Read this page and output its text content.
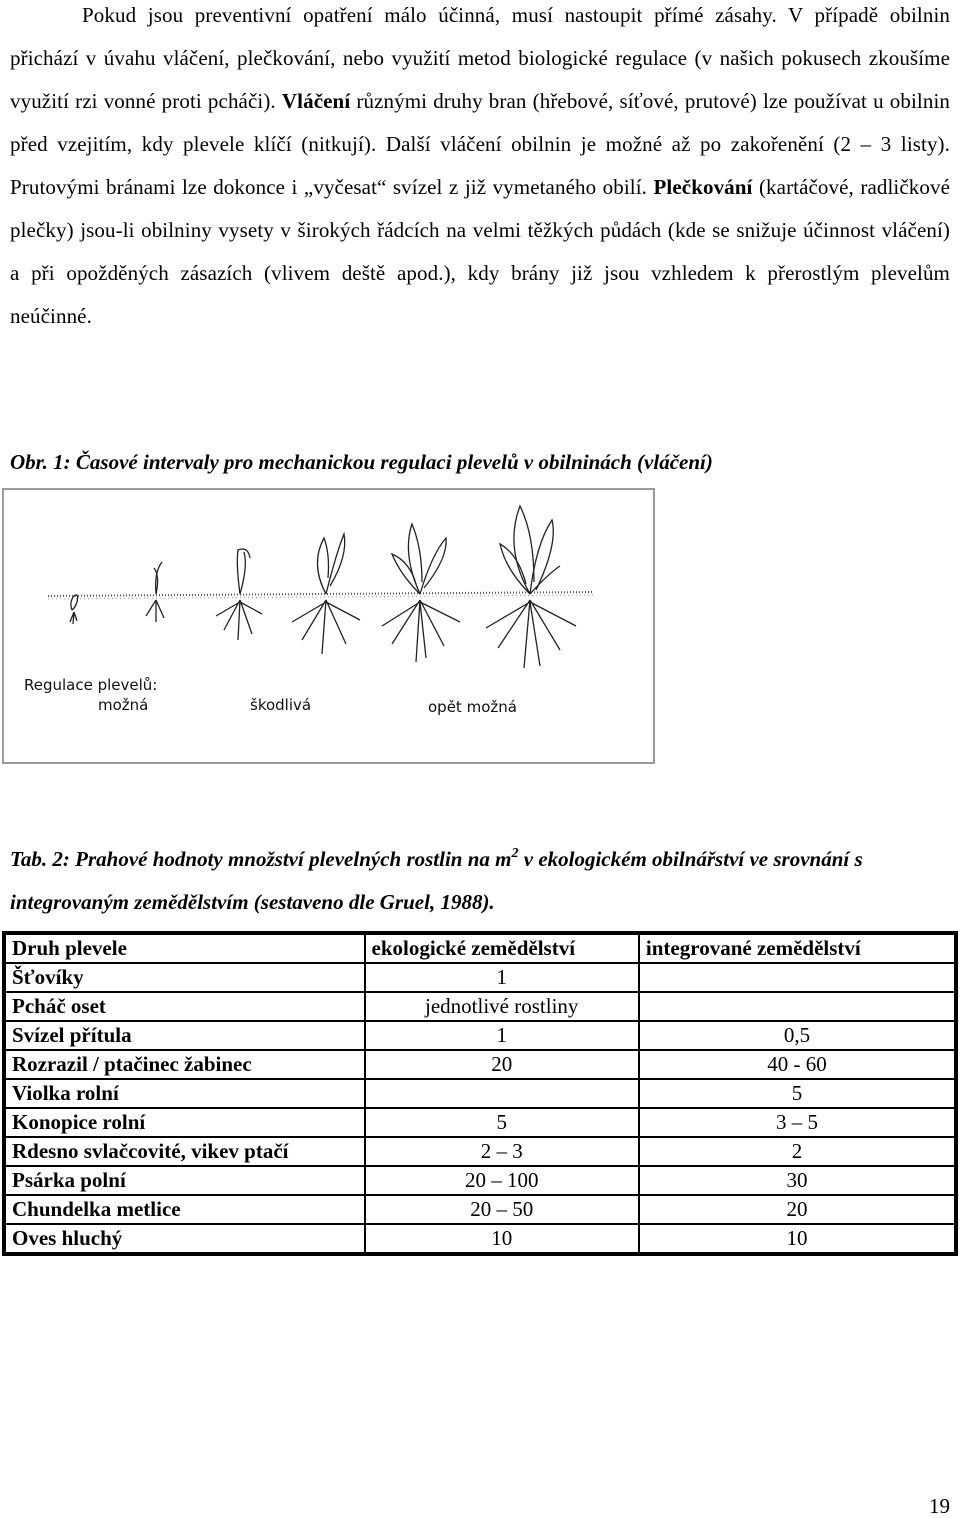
Pokud jsou preventivní opatření málo účinná, musí nastoupit přímé zásahy. V případě obilnin přichází v úvahu vláčení, plečkování, nebo využití metod biologické regulace (v našich pokusech zkoušíme využití rzi vonné proti pcháči). Vláčení různými druhy bran (hřebové, síťové, prutové) lze používat u obilnin před vzejitím, kdy plevele klíčí (nitkují). Další vláčení obilnin je možné až po zakořenění (2 – 3 listy). Prutovými bránami lze dokonce i „vyčesat“ svízel z již vymetaného obilí. Plečkování (kartáčové, radličkové plečky) jsou-li obilniny vysety v širokých řádcích na velmi těžkých půdách (kde se snižuje účinnost vláčení) a při opožděných zásazích (vlivem deště apod.), kdy brány již jsou vzhledem k přerostlým plevelům neúčinné.
Obr. 1: Časové intervaly pro mechanickou regulaci plevelů v obilninách (vláčení)
Regulace plevelů:
možná	škodlivá	opět možná
Tab. 2: Prahové hodnoty množství plevelných rostlin na $m^2$ v ekologickém obilnářství ve srovnání s integrovaným zemědělstvím (sestaveno dle Gruel, 1988).
Druh plevele	ekologické zemědělství	integrované zemědělství
Šťovíky	1	
Pcháč oset	jednotlivé rostliny	
Svízel přítula	1	0,5
Rozrazil / ptačinec žabinec	20	40 - 60
Violka rolní		5
Konopice rolní	5	3 – 5
Rdesno svlačcovité, vikev ptačí	2 – 3	2
Psárka polní	20 – 100	30
Chundelka metlice	20 – 50	20
Oves hluchý	10	10
19
